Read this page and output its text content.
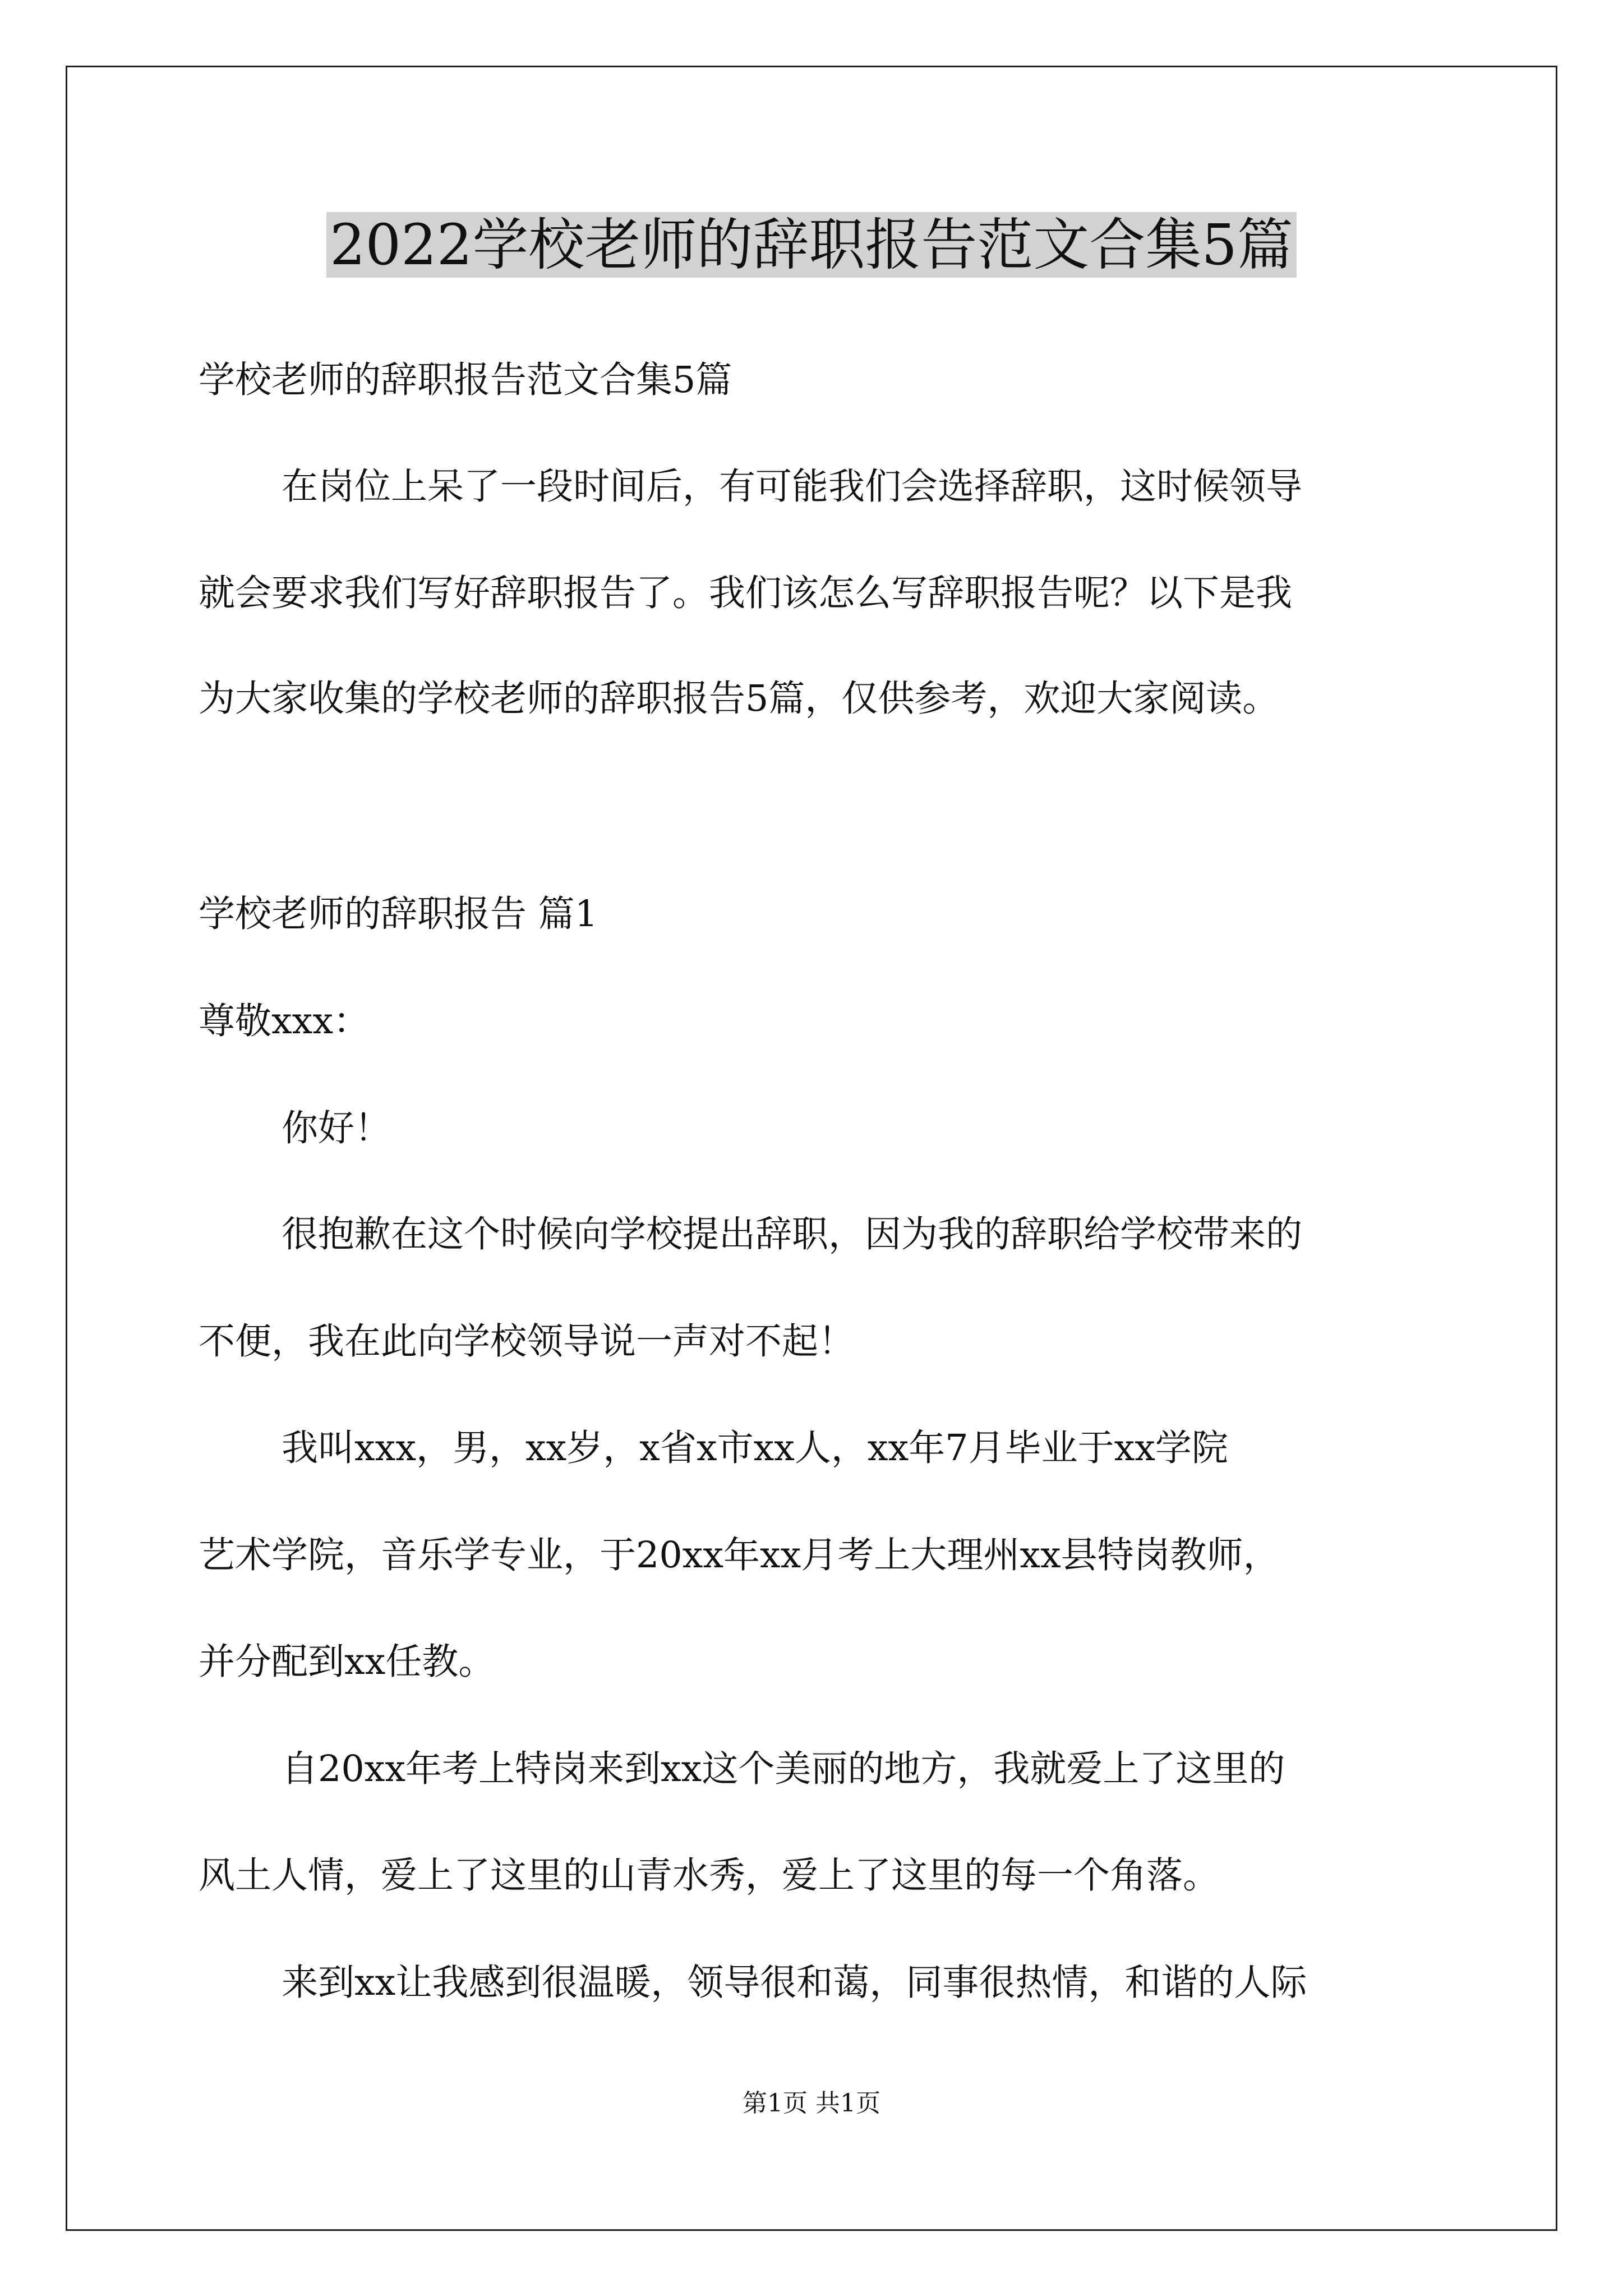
2022学校老师的辞职报告范文合集5篇
学校老师的辞职报告范文合集5篇
在岗位上呆了一段时间后，有可能我们会选择辞职，这时候领导
就会要求我们写好辞职报告了。我们该怎么写辞职报告呢？以下是我
为大家收集的学校老师的辞职报告5篇，仅供参考，欢迎大家阅读。
学校老师的辞职报告 篇1
尊敬xxx：
你好！
很抱歉在这个时候向学校提出辞职，因为我的辞职给学校带来的
不便，我在此向学校领导说一声对不起！
我叫xxx，男，xx岁，x省x市xx人，xx年7月毕业于xx学院
艺术学院，音乐学专业，于20xx年xx月考上大理州xx县特岗教师，
并分配到xx任教。
自20xx年考上特岗来到xx这个美丽的地方，我就爱上了这里的
风土人情，爱上了这里的山青水秀，爱上了这里的每一个角落。
来到xx让我感到很温暖，领导很和蔼，同事很热情，和谐的人际
第1页 共1页
